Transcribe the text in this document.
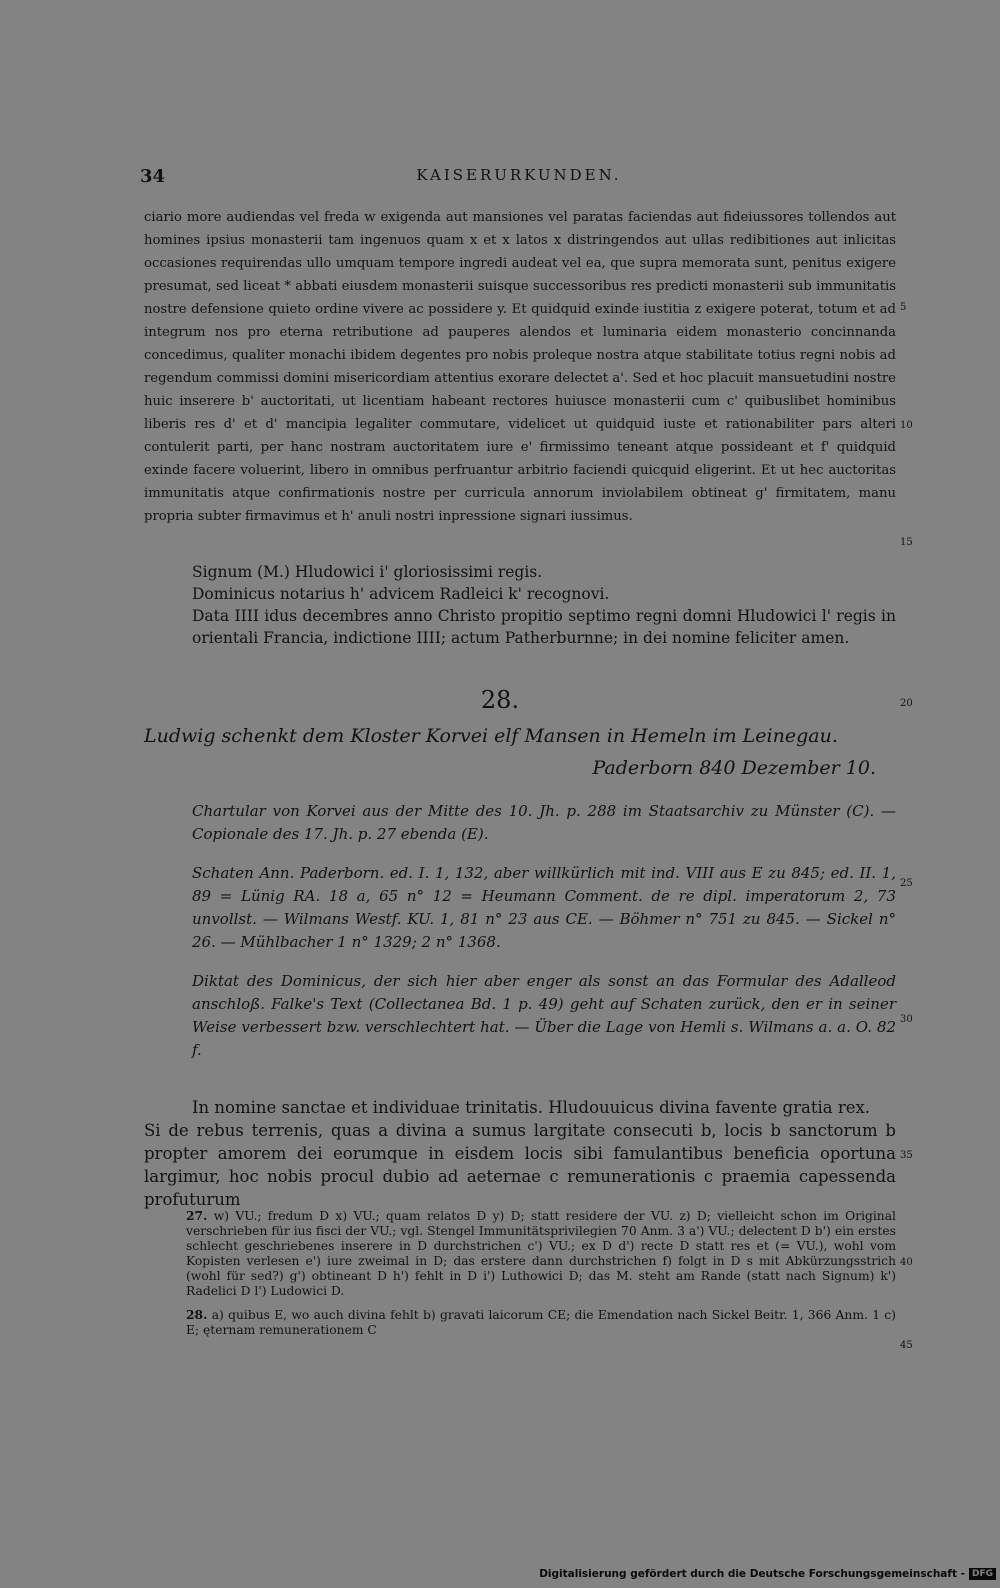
34	KAISERURKUNDEN.

ciario more audiendas vel freda w exigenda aut mansiones vel paratas faciendas aut fideiussores tollendos aut homines ipsius monasterii tam ingenuos quam x et x latos x distringendos aut ullas redibitiones aut inlicitas occasiones requirendas ullo umquam tempore ingredi audeat vel ea, que supra memorata sunt, penitus exigere presumat, sed liceat * abbati eiusdem monasterii suisque successoribus res predicti monasterii sub immunitatis nostre defensione quieto ordine vivere ac possidere y. Et quidquid exinde iustitia z exigere poterat, totum et ad integrum nos pro eterna retributione ad pauperes alendos et luminaria eidem monasterio concinnanda concedimus, qualiter monachi ibidem degentes pro nobis proleque nostra atque stabilitate totius regni nobis ad regendum commissi domini misericordiam attentius exorare delectet a'. Sed et hoc placuit mansuetudini nostre huic inserere b' auctoritati, ut licentiam habeant rectores huiusce monasterii cum c' quibuslibet hominibus liberis res d' et d' mancipia legaliter commutare, videlicet ut quidquid iuste et rationabiliter pars alteri contulerit parti, per hanc nostram auctoritatem iure e' firmissimo teneant atque possideant et f' quidquid exinde facere voluerint, libero in omnibus perfruantur arbitrio faciendi quicquid eligerint. Et ut hec auctoritas immunitatis atque confirmationis nostre per curricula annorum inviolabilem obtineat g' firmitatem, manu propria subter firmavimus et h' anuli nostri inpressione signari iussimus.

Signum (M.) Hludowici i' gloriosissimi regis.

Dominicus notarius h' advicem Radleici k' recognovi.

Data IIII idus decembres anno Christo propitio septimo regni domni Hludowici l' regis in orientali Francia, indictione IIII; actum Patherburnne; in dei nomine feliciter amen.

28.

Ludwig schenkt dem Kloster Korvei elf Mansen in Hemeln im Leinegau.

Paderborn 840 Dezember 10.

Chartular von Korvei aus der Mitte des 10. Jh. p. 288 im Staatsarchiv zu Münster (C). — Copionale des 17. Jh. p. 27 ebenda (E).

Schaten Ann. Paderborn. ed. I. 1, 132, aber willkürlich mit ind. VIII aus E zu 845; ed. II. 1, 89 = Lünig RA. 18 a, 65 n° 12 = Heumann Comment. de re dipl. imperatorum 2, 73 unvollst. — Wilmans Westf. KU. 1, 81 n° 23 aus CE. — Böhmer n° 751 zu 845. — Sickel n° 26. — Mühlbacher 1 n° 1329; 2 n° 1368.

Diktat des Dominicus, der sich hier aber enger als sonst an das Formular des Adalleod anschloß. Falke's Text (Collectanea Bd. 1 p. 49) geht auf Schaten zurück, den er in seiner Weise verbessert bzw. verschlechtert hat. — Über die Lage von Hemli s. Wilmans a. a. O. 82 f.

In nomine sanctae et individuae trinitatis. Hludouuicus divina favente gratia rex.

Si de rebus terrenis, quas a divina a sumus largitate consecuti b, locis b sanctorum b propter amorem dei eorumque in eisdem locis sibi famulantibus beneficia oportuna largimur, hoc nobis procul dubio ad aeternae c remunerationis c praemia capessenda profuturum

27. w) VU.; fredum D x) VU.; quam relatos D y) D; statt residere der VU. z) D; vielleicht schon im Original verschrieben für ius fisci der VU.; vgl. Stengel Immunitätsprivilegien 70 Anm. 3 a') VU.; delectent D b') ein erstes schlecht geschriebenes inserere in D durchstrichen c') VU.; ex D d') recte D statt res et (= VU.), wohl vom Kopisten verlesen e') iure zweimal in D; das erstere dann durchstrichen f) folgt in D s mit Abkürzungsstrich (wohl für sed?) g') obtineant D h') fehlt in D i') Luthowici D; das M. steht am Rande (statt nach Signum) k') Radelici D l') Ludowici D.

28. a) quibus E, wo auch divina fehlt b) gravati laicorum CE; die Emendation nach Sickel Beitr. 1, 366 Anm. 1 c) E; ęternam remunerationem C

5
10
15
20
25
30
35
40
45
Digitalisierung gefördert durch die Deutsche Forschungsgemeinschaft - DFG
